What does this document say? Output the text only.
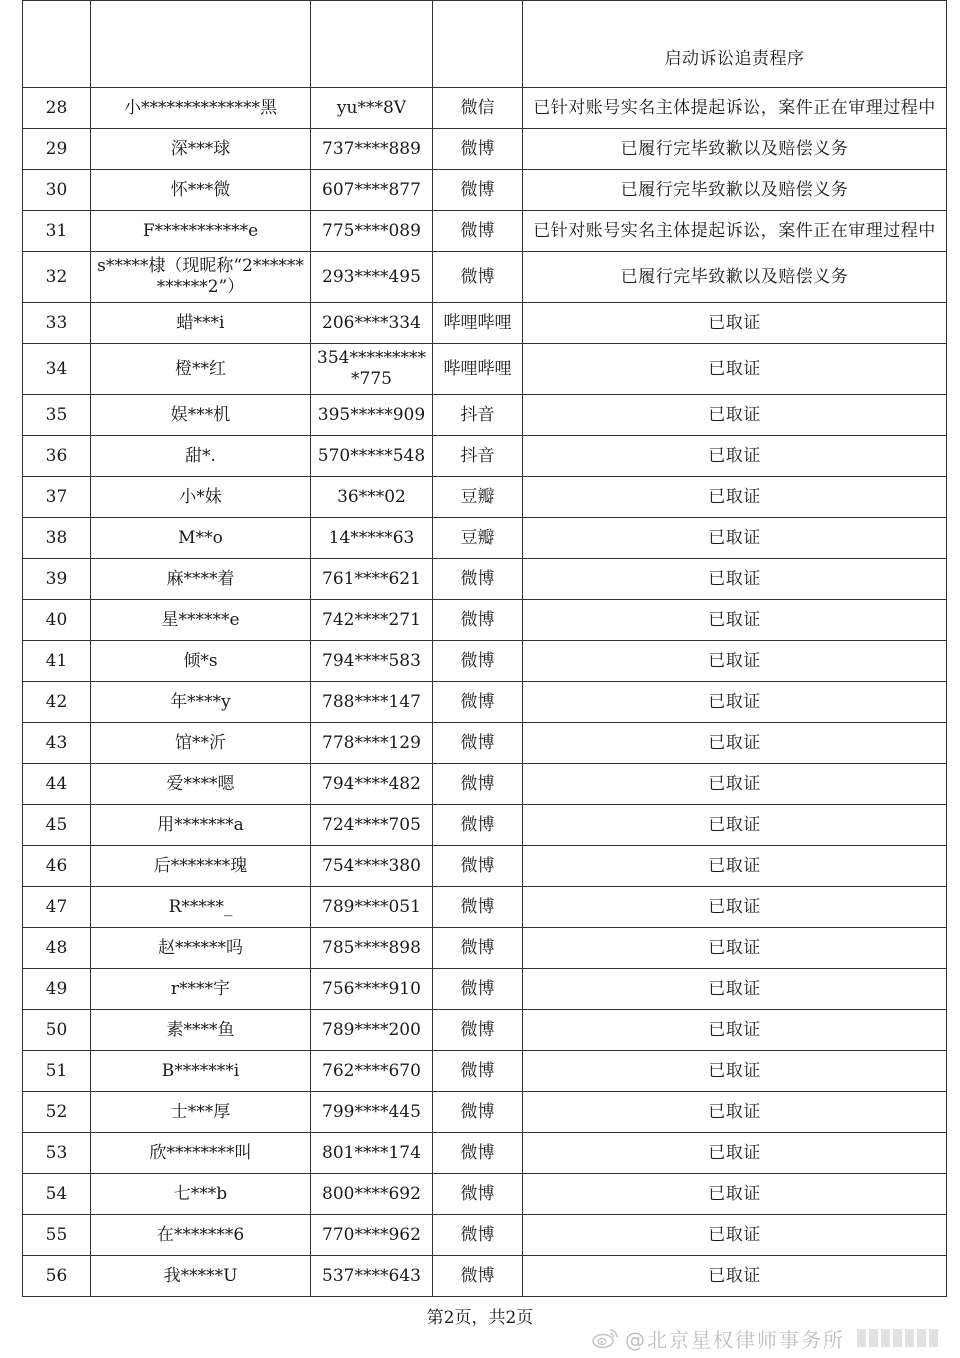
				启动诉讼追责程序
28	小**************黑	yu***8V	微信	已针对账号实名主体提起诉讼，案件正在审理过程中
29	深***球	737****889	微博	已履行完毕致歉以及赔偿义务
30	怀***微	607****877	微博	已履行完毕致歉以及赔偿义务
31	F***********e	775****089	微博	已针对账号实名主体提起诉讼，案件正在审理过程中
32	s*****棣（现昵称“2************2”）	293****495	微博	已履行完毕致歉以及赔偿义务
33	蜡***i	206****334	哔哩哔哩	已取证
34	橙**红	354**********775	哔哩哔哩	已取证
35	娱***机	395*****909	抖音	已取证
36	甜*.	570*****548	抖音	已取证
37	小*妹	36***02	豆瓣	已取证
38	M**o	14*****63	豆瓣	已取证
39	麻****着	761****621	微博	已取证
40	星******e	742****271	微博	已取证
41	倾*s	794****583	微博	已取证
42	年****y	788****147	微博	已取证
43	馆**沂	778****129	微博	已取证
44	爱****嗯	794****482	微博	已取证
45	用*******a	724****705	微博	已取证
46	后*******瑰	754****380	微博	已取证
47	R*****_	789****051	微博	已取证
48	赵******吗	785****898	微博	已取证
49	r****宇	756****910	微博	已取证
50	素****鱼	789****200	微博	已取证
51	B*******i	762****670	微博	已取证
52	士***厚	799****445	微博	已取证
53	欣********叫	801****174	微博	已取证
54	七***b	800****692	微博	已取证
55	在*******6	770****962	微博	已取证
56	我*****U	537****643	微博	已取证
第2页，共2页
@北京星权律师事务所
